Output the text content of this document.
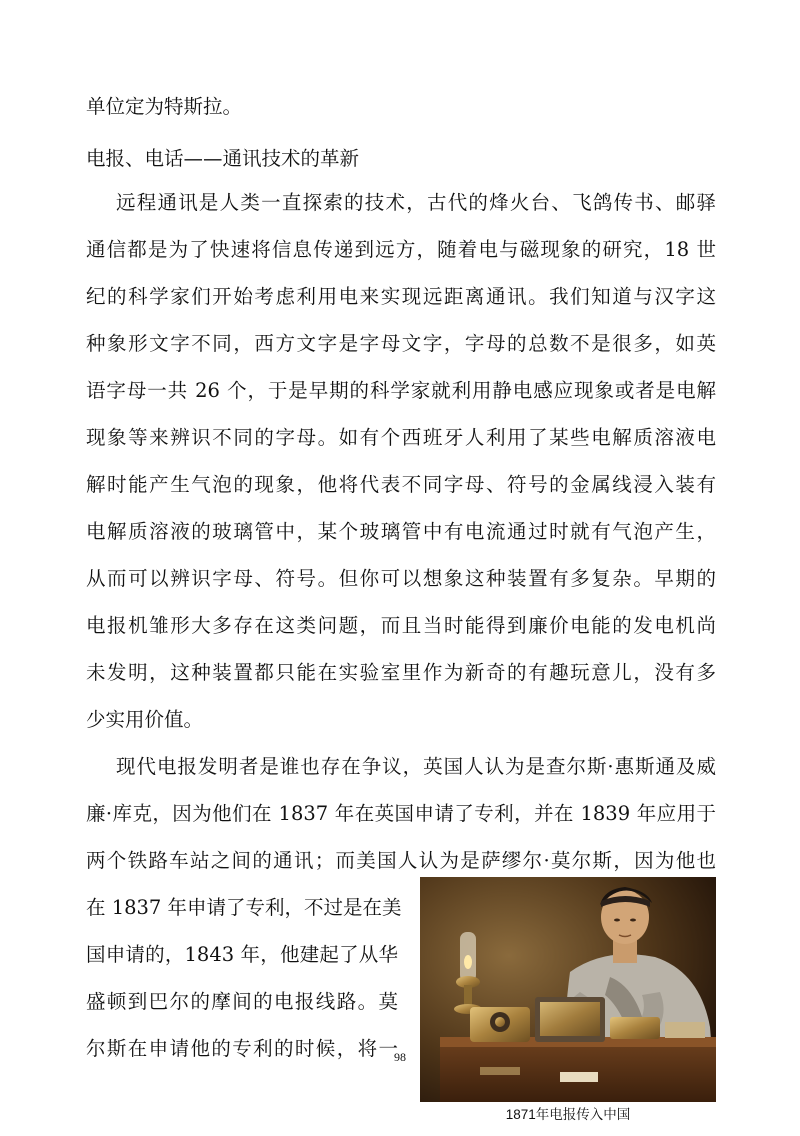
单位定为特斯拉。
电报、电话——通讯技术的革新
远程通讯是人类一直探索的技术，古代的烽火台、飞鸽传书、邮驿
通信都是为了快速将信息传递到远方，随着电与磁现象的研究，18 世
纪的科学家们开始考虑利用电来实现远距离通讯。我们知道与汉字这
种象形文字不同，西方文字是字母文字，字母的总数不是很多，如英
语字母一共 26 个，于是早期的科学家就利用静电感应现象或者是电解
现象等来辨识不同的字母。如有个西班牙人利用了某些电解质溶液电
解时能产生气泡的现象，他将代表不同字母、符号的金属线浸入装有
电解质溶液的玻璃管中，某个玻璃管中有电流通过时就有气泡产生，
从而可以辨识字母、符号。但你可以想象这种装置有多复杂。早期的
电报机雏形大多存在这类问题，而且当时能得到廉价电能的发电机尚
未发明，这种装置都只能在实验室里作为新奇的有趣玩意儿，没有多
少实用价值。
现代电报发明者是谁也存在争议，英国人认为是查尔斯·惠斯通及威
廉·库克，因为他们在 1837 年在英国申请了专利，并在 1839 年应用于
两个铁路车站之间的通讯；而美国人认为是萨缪尔·莫尔斯，因为他也
在 1837 年申请了专利，不过是在美
国申请的，1843 年，他建起了从华
盛顿到巴尔的摩间的电报线路。莫
尔斯在申请他的专利的时候，将一
98
1871年电报传入中国
